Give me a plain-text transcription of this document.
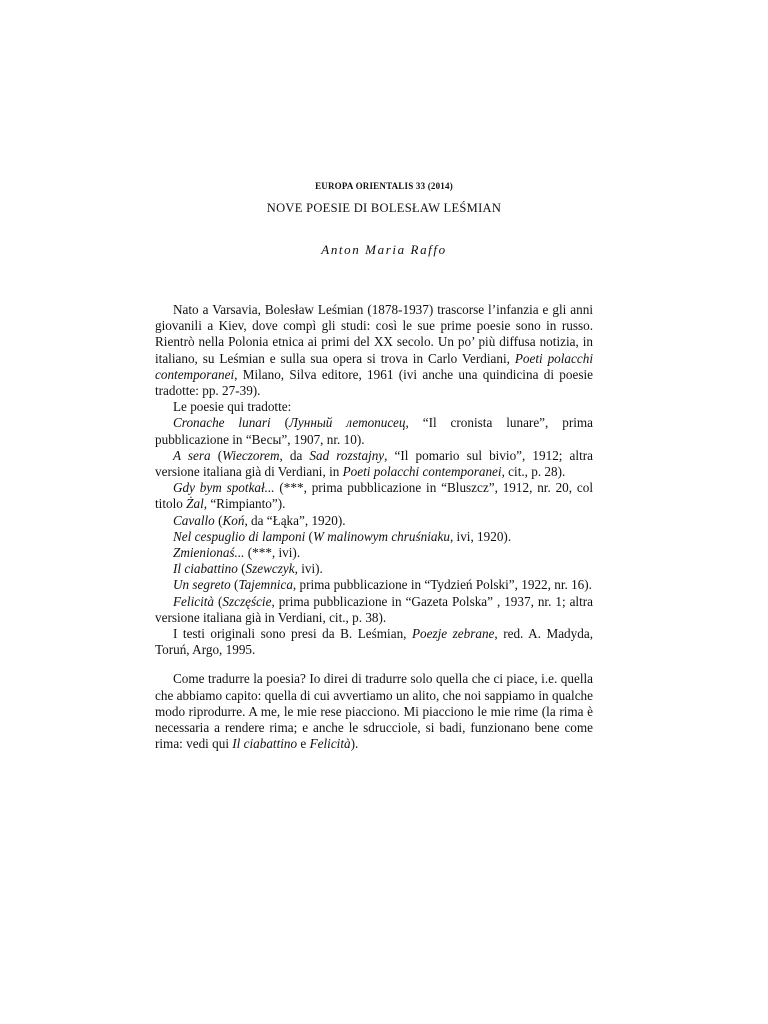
EUROPA ORIENTALIS 33 (2014)
NOVE POESIE DI BOLESŁAW LEŚMIAN
Anton Maria Raffo

Nato a Varsavia, Bolesław Leśmian (1878-1937) trascorse l’infanzia e gli anni giovanili a Kiev, dove compì gli studi: così le sue prime poesie sono in russo. Rientrò nella Polonia etnica ai primi del XX secolo. Un po’ più diffusa notizia, in italiano, su Leśmian e sulla sua opera si trova in Carlo Verdiani, Poeti polacchi contemporanei, Milano, Silva editore, 1961 (ivi anche una quindicina di poesie tradotte: pp. 27-39).

Le poesie qui tradotte:

Cronache lunari (Лунный летописец, “Il cronista lunare”, prima pubblicazione in “Весы”, 1907, nr. 10).

A sera (Wieczorem, da Sad rozstajny, “Il pomario sul bivio”, 1912; altra versione italiana già di Verdiani, in Poeti polacchi contemporanei, cit., p. 28).

Gdy bym spotkał... (***, prima pubblicazione in “Bluszcz”, 1912, nr. 20, col titolo Żal, “Rimpianto”).

Cavallo (Koń, da “Łąka”, 1920).

Nel cespuglio di lamponi (W malinowym chruśniaku, ivi, 1920).

Zmienionaś... (***, ivi).

Il ciabattino (Szewczyk, ivi).

Un segreto (Tajemnica, prima pubblicazione in “Tydzień Polski”, 1922, nr. 16).

Felicità (Szczęście, prima pubblicazione in “Gazeta Polska” , 1937, nr. 1; altra versione italiana già in Verdiani, cit., p. 38).

I testi originali sono presi da B. Leśmian, Poezje zebrane, red. A. Madyda, Toruń, Argo, 1995.

Come tradurre la poesia? Io direi di tradurre solo quella che ci piace, i.e. quella che abbiamo capito: quella di cui avvertiamo un alito, che noi sappiamo in qualche modo riprodurre. A me, le mie rese piacciono. Mi piacciono le mie rime (la rima è necessaria a rendere rima; e anche le sdrucciole, si badi, funzionano bene come rima: vedi qui Il ciabattino e Felicità).
